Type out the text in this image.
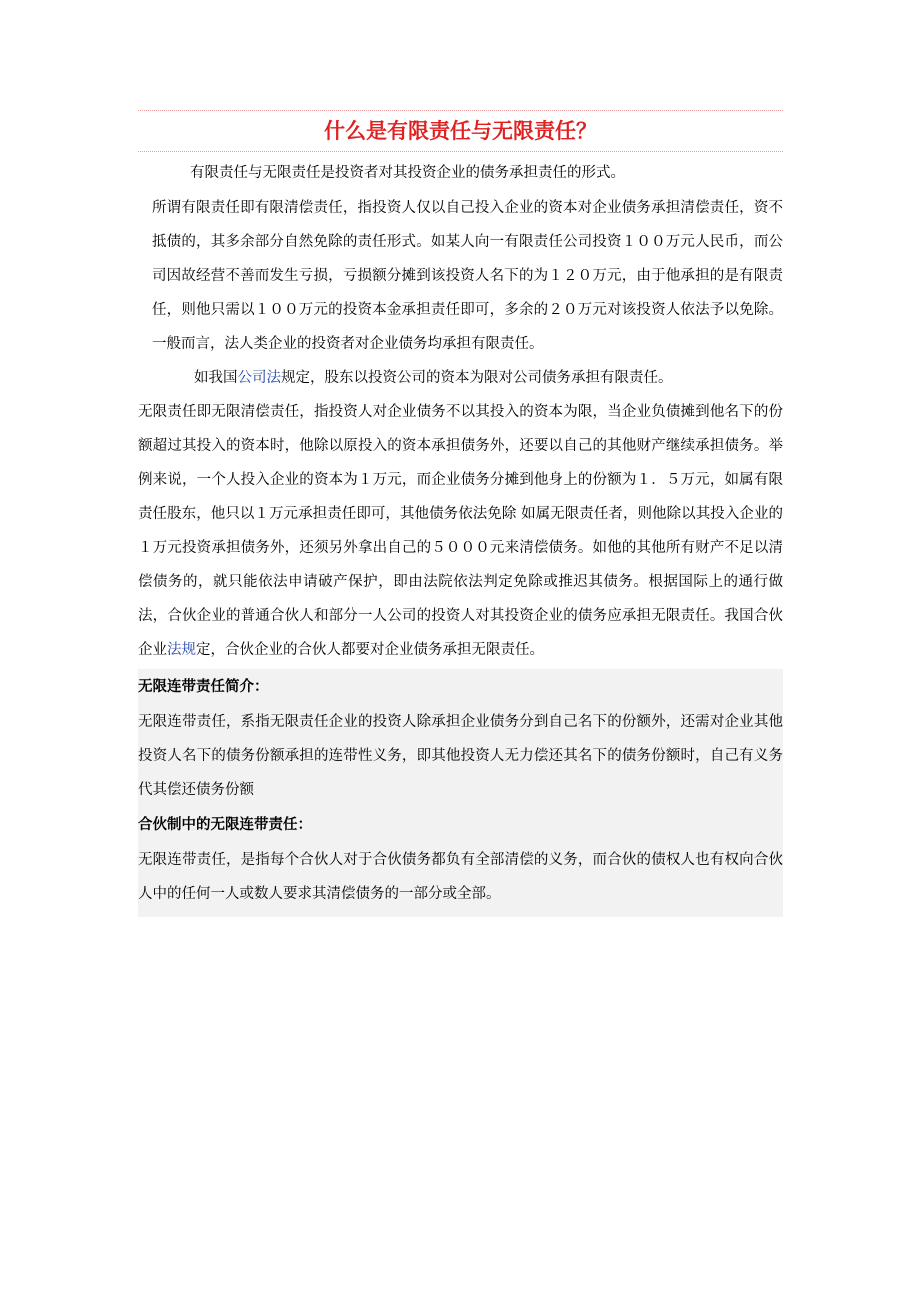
什么是有限责任与无限责任？

有限责任与无限责任是投资者对其投资企业的债务承担责任的形式。

所谓有限责任即有限清偿责任，指投资人仅以自己投入企业的资本对企业债务承担清偿责任，资不抵债的，其多余部分自然免除的责任形式。如某人向一有限责任公司投资１００万元人民币，而公司因故经营不善而发生亏损，亏损额分摊到该投资人名下的为１２０万元，由于他承担的是有限责任，则他只需以１００万元的投资本金承担责任即可，多余的２０万元对该投资人依法予以免除。一般而言，法人类企业的投资者对企业债务均承担有限责任。

如我国公司法规定，股东以投资公司的资本为限对公司债务承担有限责任。

无限责任即无限清偿责任，指投资人对企业债务不以其投入的资本为限，当企业负债摊到他名下的份额超过其投入的资本时，他除以原投入的资本承担债务外，还要以自己的其他财产继续承担债务。举例来说，一个人投入企业的资本为１万元，而企业债务分摊到他身上的份额为１．５万元，如属有限责任股东，他只以１万元承担责任即可，其他债务依法免除 如属无限责任者，则他除以其投入企业的１万元投资承担债务外，还须另外拿出自己的５０００元来清偿债务。如他的其他所有财产不足以清偿债务的，就只能依法申请破产保护，即由法院依法判定免除或推迟其债务。根据国际上的通行做法，合伙企业的普通合伙人和部分一人公司的投资人对其投资企业的债务应承担无限责任。我国合伙企业法规定，合伙企业的合伙人都要对企业债务承担无限责任。

无限连带责任简介：

无限连带责任，系指无限责任企业的投资人除承担企业债务分到自己名下的份额外，还需对企业其他投资人名下的债务份额承担的连带性义务，即其他投资人无力偿还其名下的债务份额时，自己有义务代其偿还债务份额

合伙制中的无限连带责任：

无限连带责任，是指每个合伙人对于合伙债务都负有全部清偿的义务，而合伙的债权人也有权向合伙人中的任何一人或数人要求其清偿债务的一部分或全部。
